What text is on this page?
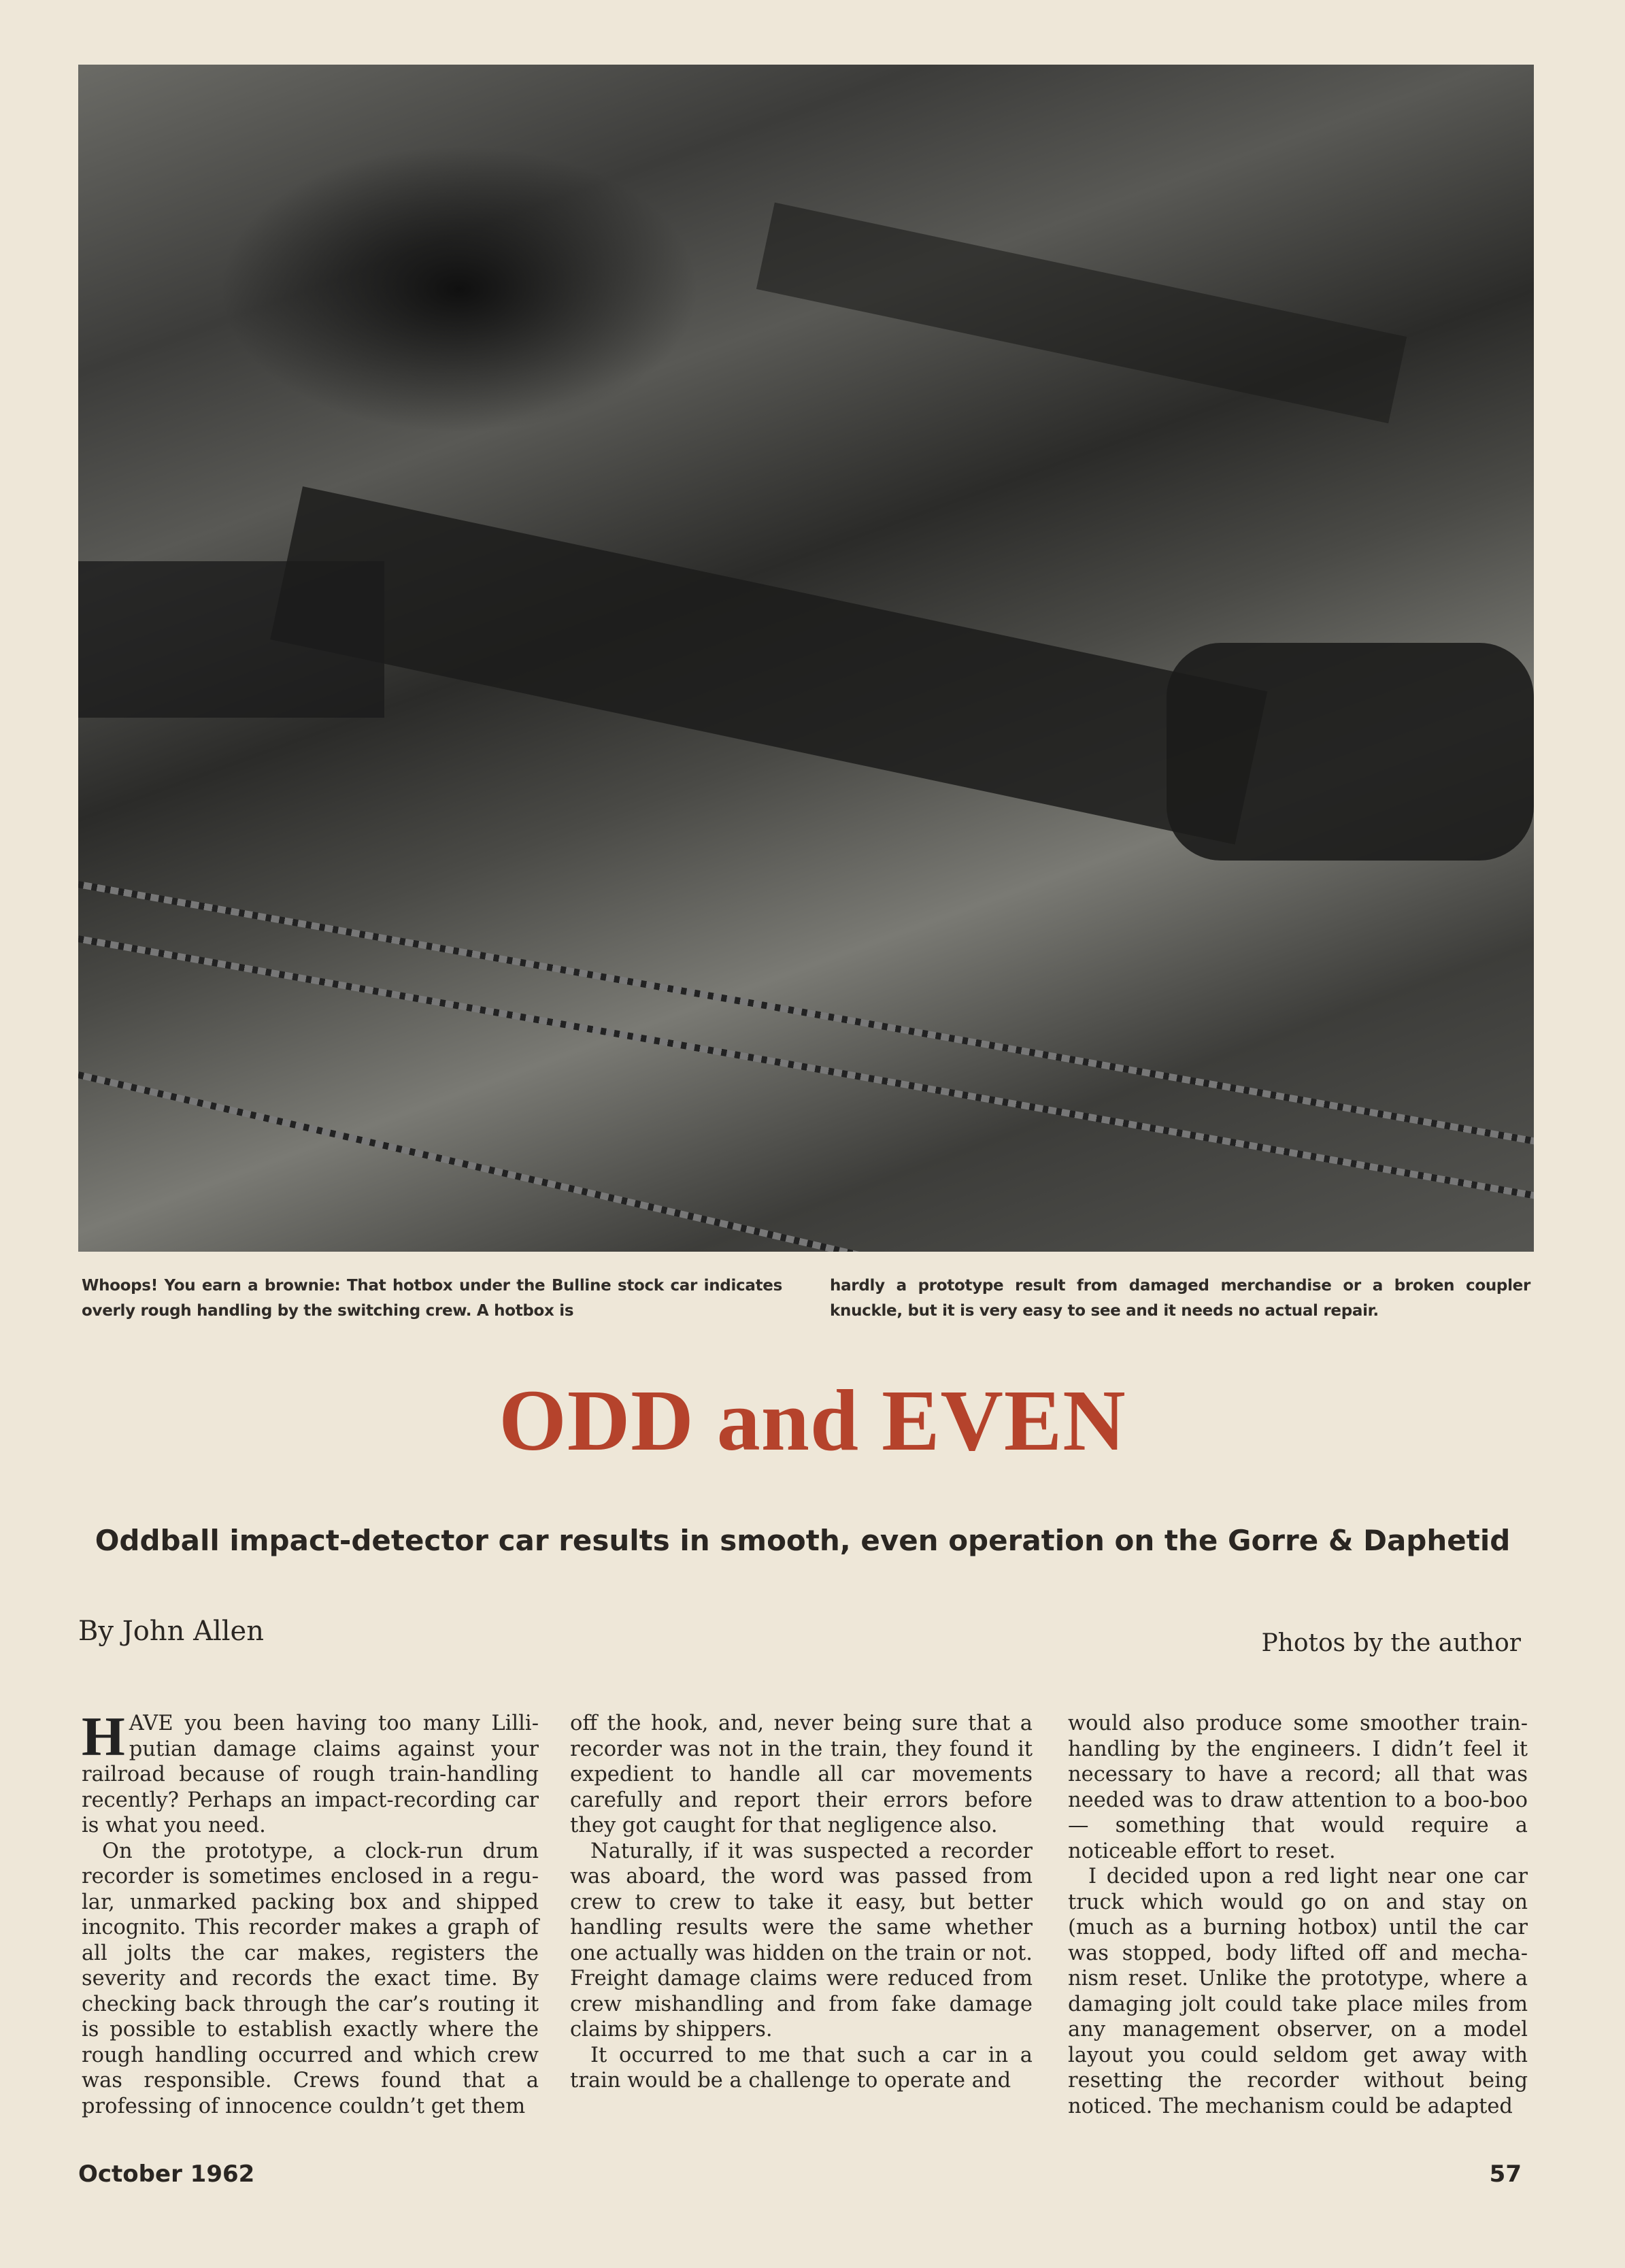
Whoops! You earn a brownie: That hotbox under the Bulline stock car indicates overly rough handling by the switching crew. A hotbox is
hardly a prototype result from damaged merchandise or a broken coupler knuckle, but it is very easy to see and it needs no actual repair.
ODD and EVEN
Oddball impact-detector car results in smooth, even operation on the Gorre & Daphetid
By John Allen	Photos by the author

HAVE you been having too many Lilliputian damage claims against your railroad because of rough train-handling recently? Perhaps an impact-recording car is what you need.

On the prototype, a clock-run drum recorder is sometimes enclosed in a regular, unmarked packing box and shipped incognito. This recorder makes a graph of all jolts the car makes, registers the severity and records the exact time. By checking back through the car’s routing it is possible to establish exactly where the rough handling occurred and which crew was responsible. Crews found that a professing of innocence couldn’t get them

off the hook, and, never being sure that a recorder was not in the train, they found it expedient to handle all car movements carefully and report their errors before they got caught for that negligence also.

Naturally, if it was suspected a recorder was aboard, the word was passed from crew to crew to take it easy, but better handling results were the same whether one actually was hidden on the train or not. Freight damage claims were reduced from crew mishandling and from fake damage claims by shippers.

It occurred to me that such a car in a train would be a challenge to operate and

would also produce some smoother train-handling by the engineers. I didn’t feel it necessary to have a record; all that was needed was to draw attention to a boo-boo — something that would require a noticeable effort to reset.

I decided upon a red light near one car truck which would go on and stay on (much as a burning hotbox) until the car was stopped, body lifted off and mechanism reset. Unlike the prototype, where a damaging jolt could take place miles from any management observer, on a model layout you could seldom get away with resetting the recorder without being noticed. The mechanism could be adapted

October 1962	57
